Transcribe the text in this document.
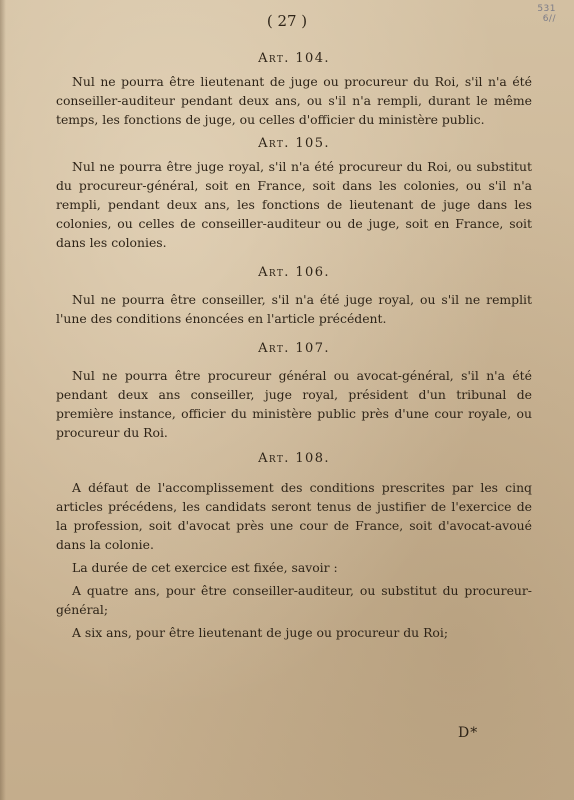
531
6//
( 27 )
Art. 104.

Nul ne pourra être lieutenant de juge ou procureur du Roi, s'il n'a été conseiller-auditeur pendant deux ans, ou s'il n'a rempli, durant le même temps, les fonctions de juge, ou celles d'officier du ministère public.

Art. 105.

Nul ne pourra être juge royal, s'il n'a été procureur du Roi, ou substitut du procureur-général, soit en France, soit dans les colonies, ou s'il n'a rempli, pendant deux ans, les fonctions de lieutenant de juge dans les colonies, ou celles de conseiller-auditeur ou de juge, soit en France, soit dans les colonies.

Art. 106.

Nul ne pourra être conseiller, s'il n'a été juge royal, ou s'il ne remplit l'une des conditions énoncées en l'article précédent.

Art. 107.

Nul ne pourra être procureur général ou avocat-général, s'il n'a été pendant deux ans conseiller, juge royal, président d'un tribunal de première instance, officier du ministère public près d'une cour royale, ou procureur du Roi.

Art. 108.

A défaut de l'accomplissement des conditions prescrites par les cinq articles précédens, les candidats seront tenus de justifier de l'exercice de la profession, soit d'avocat près une cour de France, soit d'avocat-avoué dans la colonie.

La durée de cet exercice est fixée, savoir :

A quatre ans, pour être conseiller-auditeur, ou substitut du procureur-général;

A six ans, pour être lieutenant de juge ou procureur du Roi;

D*
